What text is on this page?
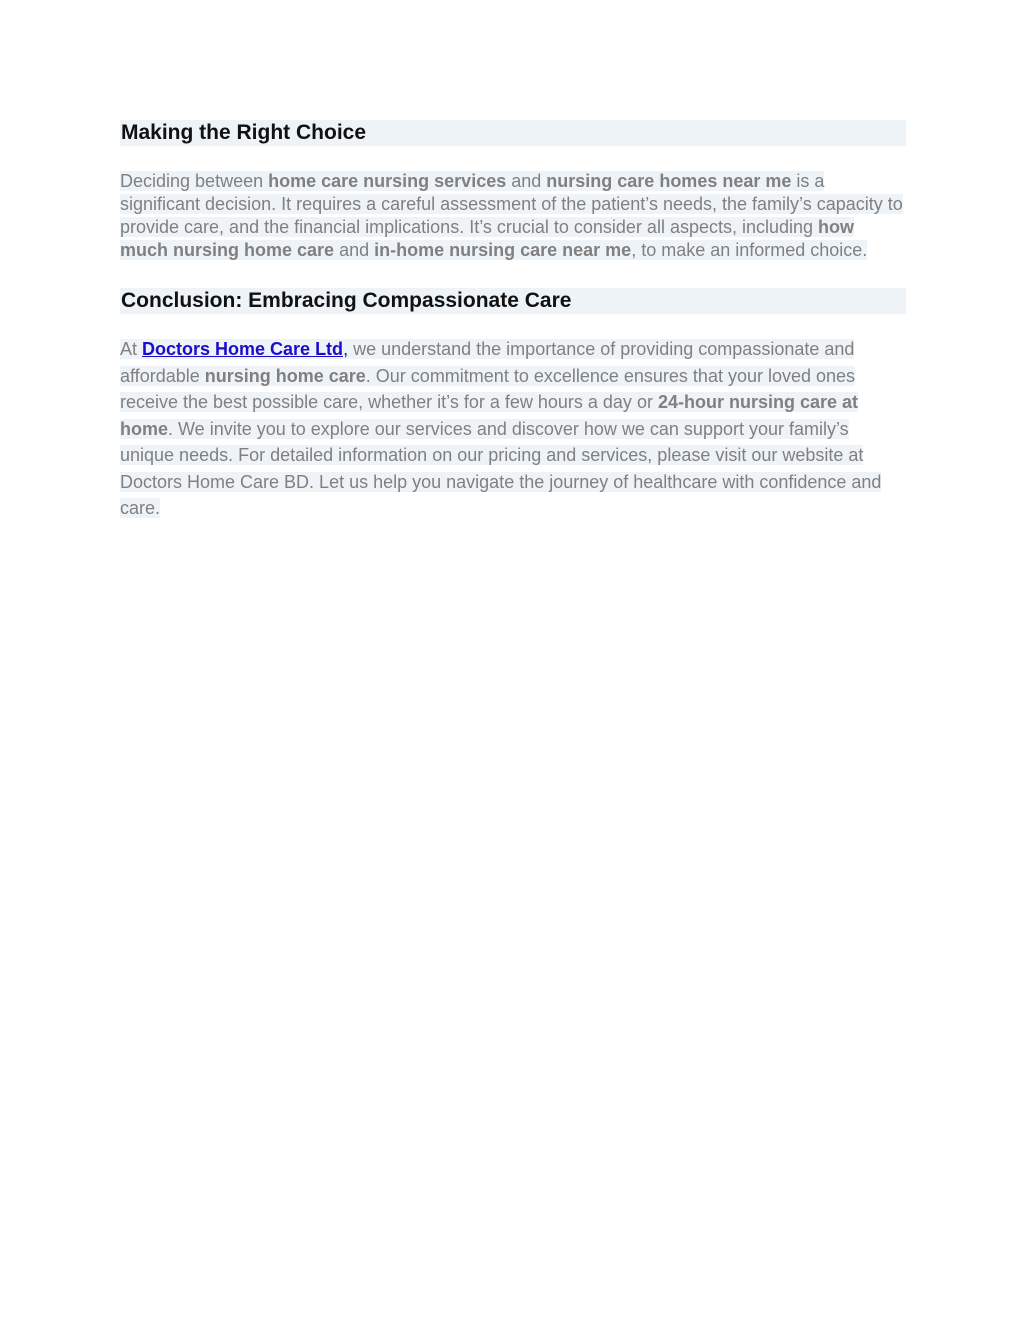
Making the Right Choice

Deciding between home care nursing services and nursing care homes near me is a significant decision. It requires a careful assessment of the patient’s needs, the family’s capacity to provide care, and the financial implications. It’s crucial to consider all aspects, including how much nursing home care and in-home nursing care near me, to make an informed choice.

Conclusion: Embracing Compassionate Care

At Doctors Home Care Ltd, we understand the importance of providing compassionate and affordable nursing home care. Our commitment to excellence ensures that your loved ones receive the best possible care, whether it’s for a few hours a day or 24-hour nursing care at home. We invite you to explore our services and discover how we can support your family’s unique needs. For detailed information on our pricing and services, please visit our website at Doctors Home Care BD. Let us help you navigate the journey of healthcare with confidence and care.
